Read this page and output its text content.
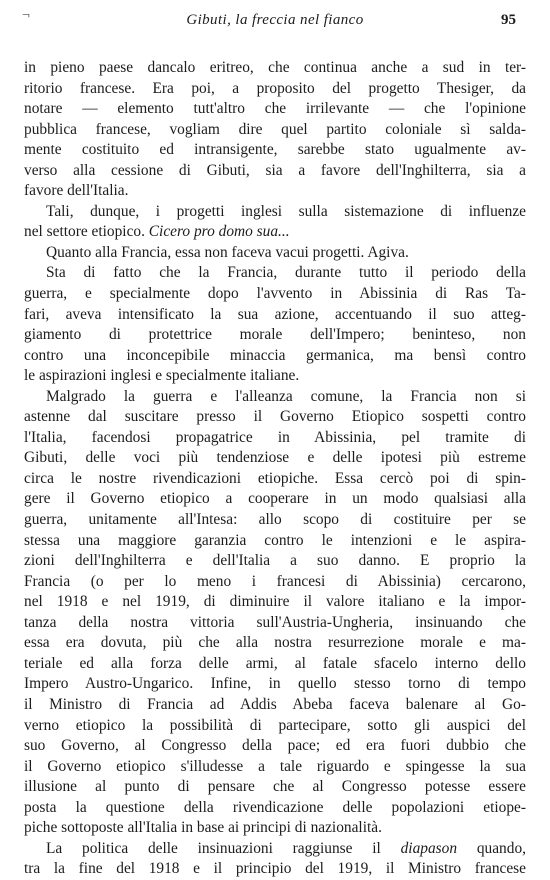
¬	Gibuti, la freccia nel fianco	95
in pieno paese dancalo eritreo, che continua anche a sud in ter-
ritorio francese. Era poi, a proposito del progetto Thesiger, da
notare — elemento tutt'altro che irrilevante — che l'opinione
pubblica francese, vogliam dire quel partito coloniale sì salda-
mente costituito ed intransigente, sarebbe stato ugualmente av-
verso alla cessione di Gibuti, sia a favore dell'Inghilterra, sia a
favore dell'Italia.
Tali, dunque, i progetti inglesi sulla sistemazione di influenze
nel settore etiopico. Cicero pro domo sua...
Quanto alla Francia, essa non faceva vacui progetti. Agiva.
Sta di fatto che la Francia, durante tutto il periodo della
guerra, e specialmente dopo l'avvento in Abissinia di Ras Ta-
fari, aveva intensificato la sua azione, accentuando il suo atteg-
giamento di protettrice morale dell'Impero; beninteso, non
contro una inconcepibile minaccia germanica, ma bensì contro
le aspirazioni inglesi e specialmente italiane.
Malgrado la guerra e l'alleanza comune, la Francia non si
astenne dal suscitare presso il Governo Etiopico sospetti contro
l'Italia, facendosi propagatrice in Abissinia, pel tramite di
Gibuti, delle voci più tendenziose e delle ipotesi più estreme
circa le nostre rivendicazioni etiopiche. Essa cercò poi di spin-
gere il Governo etiopico a cooperare in un modo qualsiasi alla
guerra, unitamente all'Intesa: allo scopo di costituire per se
stessa una maggiore garanzia contro le intenzioni e le aspira-
zioni dell'Inghilterra e dell'Italia a suo danno. E proprio la
Francia (o per lo meno i francesi di Abissinia) cercarono,
nel 1918 e nel 1919, di diminuire il valore italiano e la impor-
tanza della nostra vittoria sull'Austria-Ungheria, insinuando che
essa era dovuta, più che alla nostra resurrezione morale e ma-
teriale ed alla forza delle armi, al fatale sfacelo interno dello
Impero Austro-Ungarico. Infine, in quello stesso torno di tempo
il Ministro di Francia ad Addis Abeba faceva balenare al Go-
verno etiopico la possibilità di partecipare, sotto gli auspici del
suo Governo, al Congresso della pace; ed era fuori dubbio che
il Governo etiopico s'illudesse a tale riguardo e spingesse la sua
illusione al punto di pensare che al Congresso potesse essere
posta la questione della rivendicazione delle popolazioni etiope-
piche sottoposte all'Italia in base ai principi di nazionalità.
La politica delle insinuazioni raggiunse il diapason quando,
tra la fine del 1918 e il principio del 1919, il Ministro francese
